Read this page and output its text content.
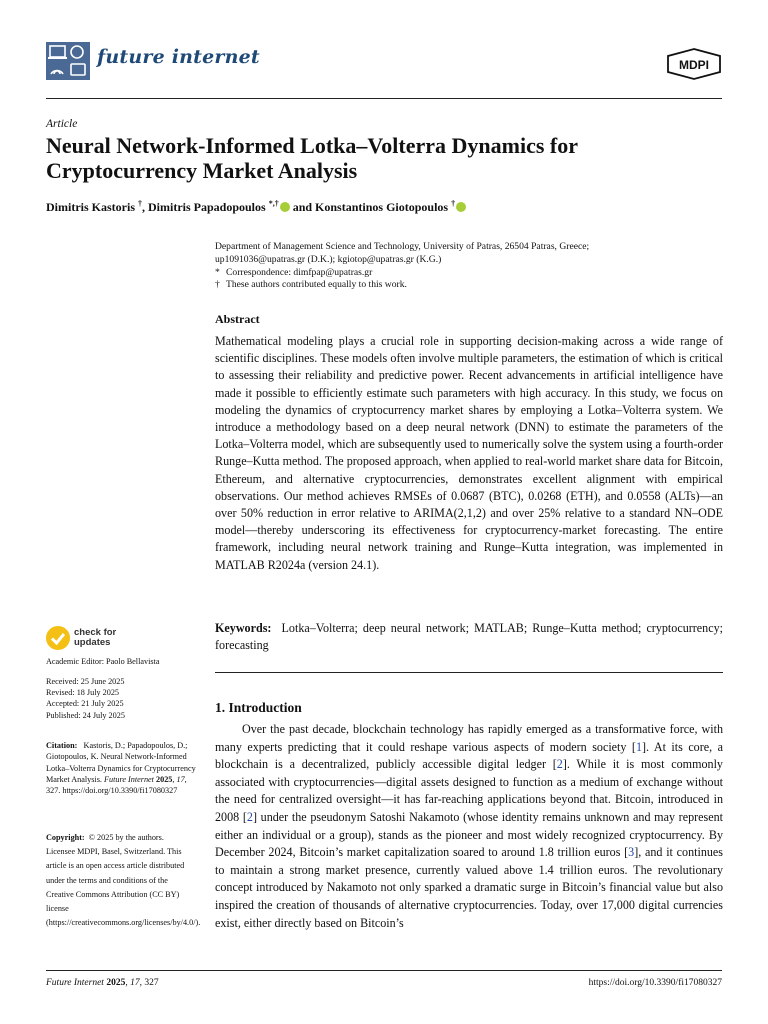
future internet	MDPI
Article
Neural Network-Informed Lotka–Volterra Dynamics for Cryptocurrency Market Analysis
Dimitris Kastoris †, Dimitris Papadopoulos *,† and Konstantinos Giotopoulos †

Department of Management Science and Technology, University of Patras, 26504 Patras, Greece;

up1091036@upatras.gr (D.K.); kgiotop@upatras.gr (K.G.)

* Correspondence: dimfpap@upatras.gr

† These authors contributed equally to this work.

Abstract
Mathematical modeling plays a crucial role in supporting decision-making across a wide range of scientific disciplines. These models often involve multiple parameters, the estimation of which is critical to assessing their reliability and predictive power. Recent advancements in artificial intelligence have made it possible to efficiently estimate such parameters with high accuracy. In this study, we focus on modeling the dynamics of cryptocurrency market shares by employing a Lotka–Volterra system. We introduce a methodology based on a deep neural network (DNN) to estimate the parameters of the Lotka–Volterra model, which are subsequently used to numerically solve the system using a fourth-order Runge–Kutta method. The proposed approach, when applied to real-world market share data for Bitcoin, Ethereum, and alternative cryptocurrencies, demonstrates excellent alignment with empirical observations. Our method achieves RMSEs of 0.0687 (BTC), 0.0268 (ETH), and 0.0558 (ALTs)—an over 50% reduction in error relative to ARIMA(2,1,2) and over 25% relative to a standard NN–ODE model—thereby underscoring its effectiveness for cryptocurrency-market forecasting. The entire framework, including neural network training and Runge–Kutta integration, was implemented in MATLAB R2024a (version 24.1).
Keywords: Lotka–Volterra; deep neural network; MATLAB; Runge–Kutta method; cryptocurrency; forecasting
1. Introduction
Over the past decade, blockchain technology has rapidly emerged as a transformative force, with many experts predicting that it could reshape various aspects of modern society [1]. At its core, a blockchain is a decentralized, publicly accessible digital ledger [2]. While it is most commonly associated with cryptocurrencies—digital assets designed to function as a medium of exchange without the need for centralized oversight—it has far-reaching applications beyond that. Bitcoin, introduced in 2008 [2] under the pseudonym Satoshi Nakamoto (whose identity remains unknown and may represent either an individual or a group), stands as the pioneer and most widely recognized cryptocurrency. By December 2024, Bitcoin’s market capitalization soared to around 1.8 trillion euros [3], and it continues to maintain a strong market presence, currently valued above 1.4 trillion euros. The revolutionary concept introduced by Nakamoto not only sparked a dramatic surge in Bitcoin’s financial value but also inspired the creation of thousands of alternative cryptocurrencies. Today, over 17,000 digital currencies exist, either directly based on Bitcoin’s
check for updates
Academic Editor: Paolo Bellavista
Received: 25 June 2025
Revised: 18 July 2025
Accepted: 21 July 2025
Published: 24 July 2025
Citation: Kastoris, D.; Papadopoulos, D.; Giotopoulos, K. Neural Network-Informed Lotka–Volterra Dynamics for Cryptocurrency Market Analysis. Future Internet 2025, 17, 327. https://doi.org/10.3390/fi17080327
Copyright: © 2025 by the authors. Licensee MDPI, Basel, Switzerland. This article is an open access article distributed under the terms and conditions of the Creative Commons Attribution (CC BY) license (https://creativecommons.org/licenses/by/4.0/).
Future Internet 2025, 17, 327	https://doi.org/10.3390/fi17080327
